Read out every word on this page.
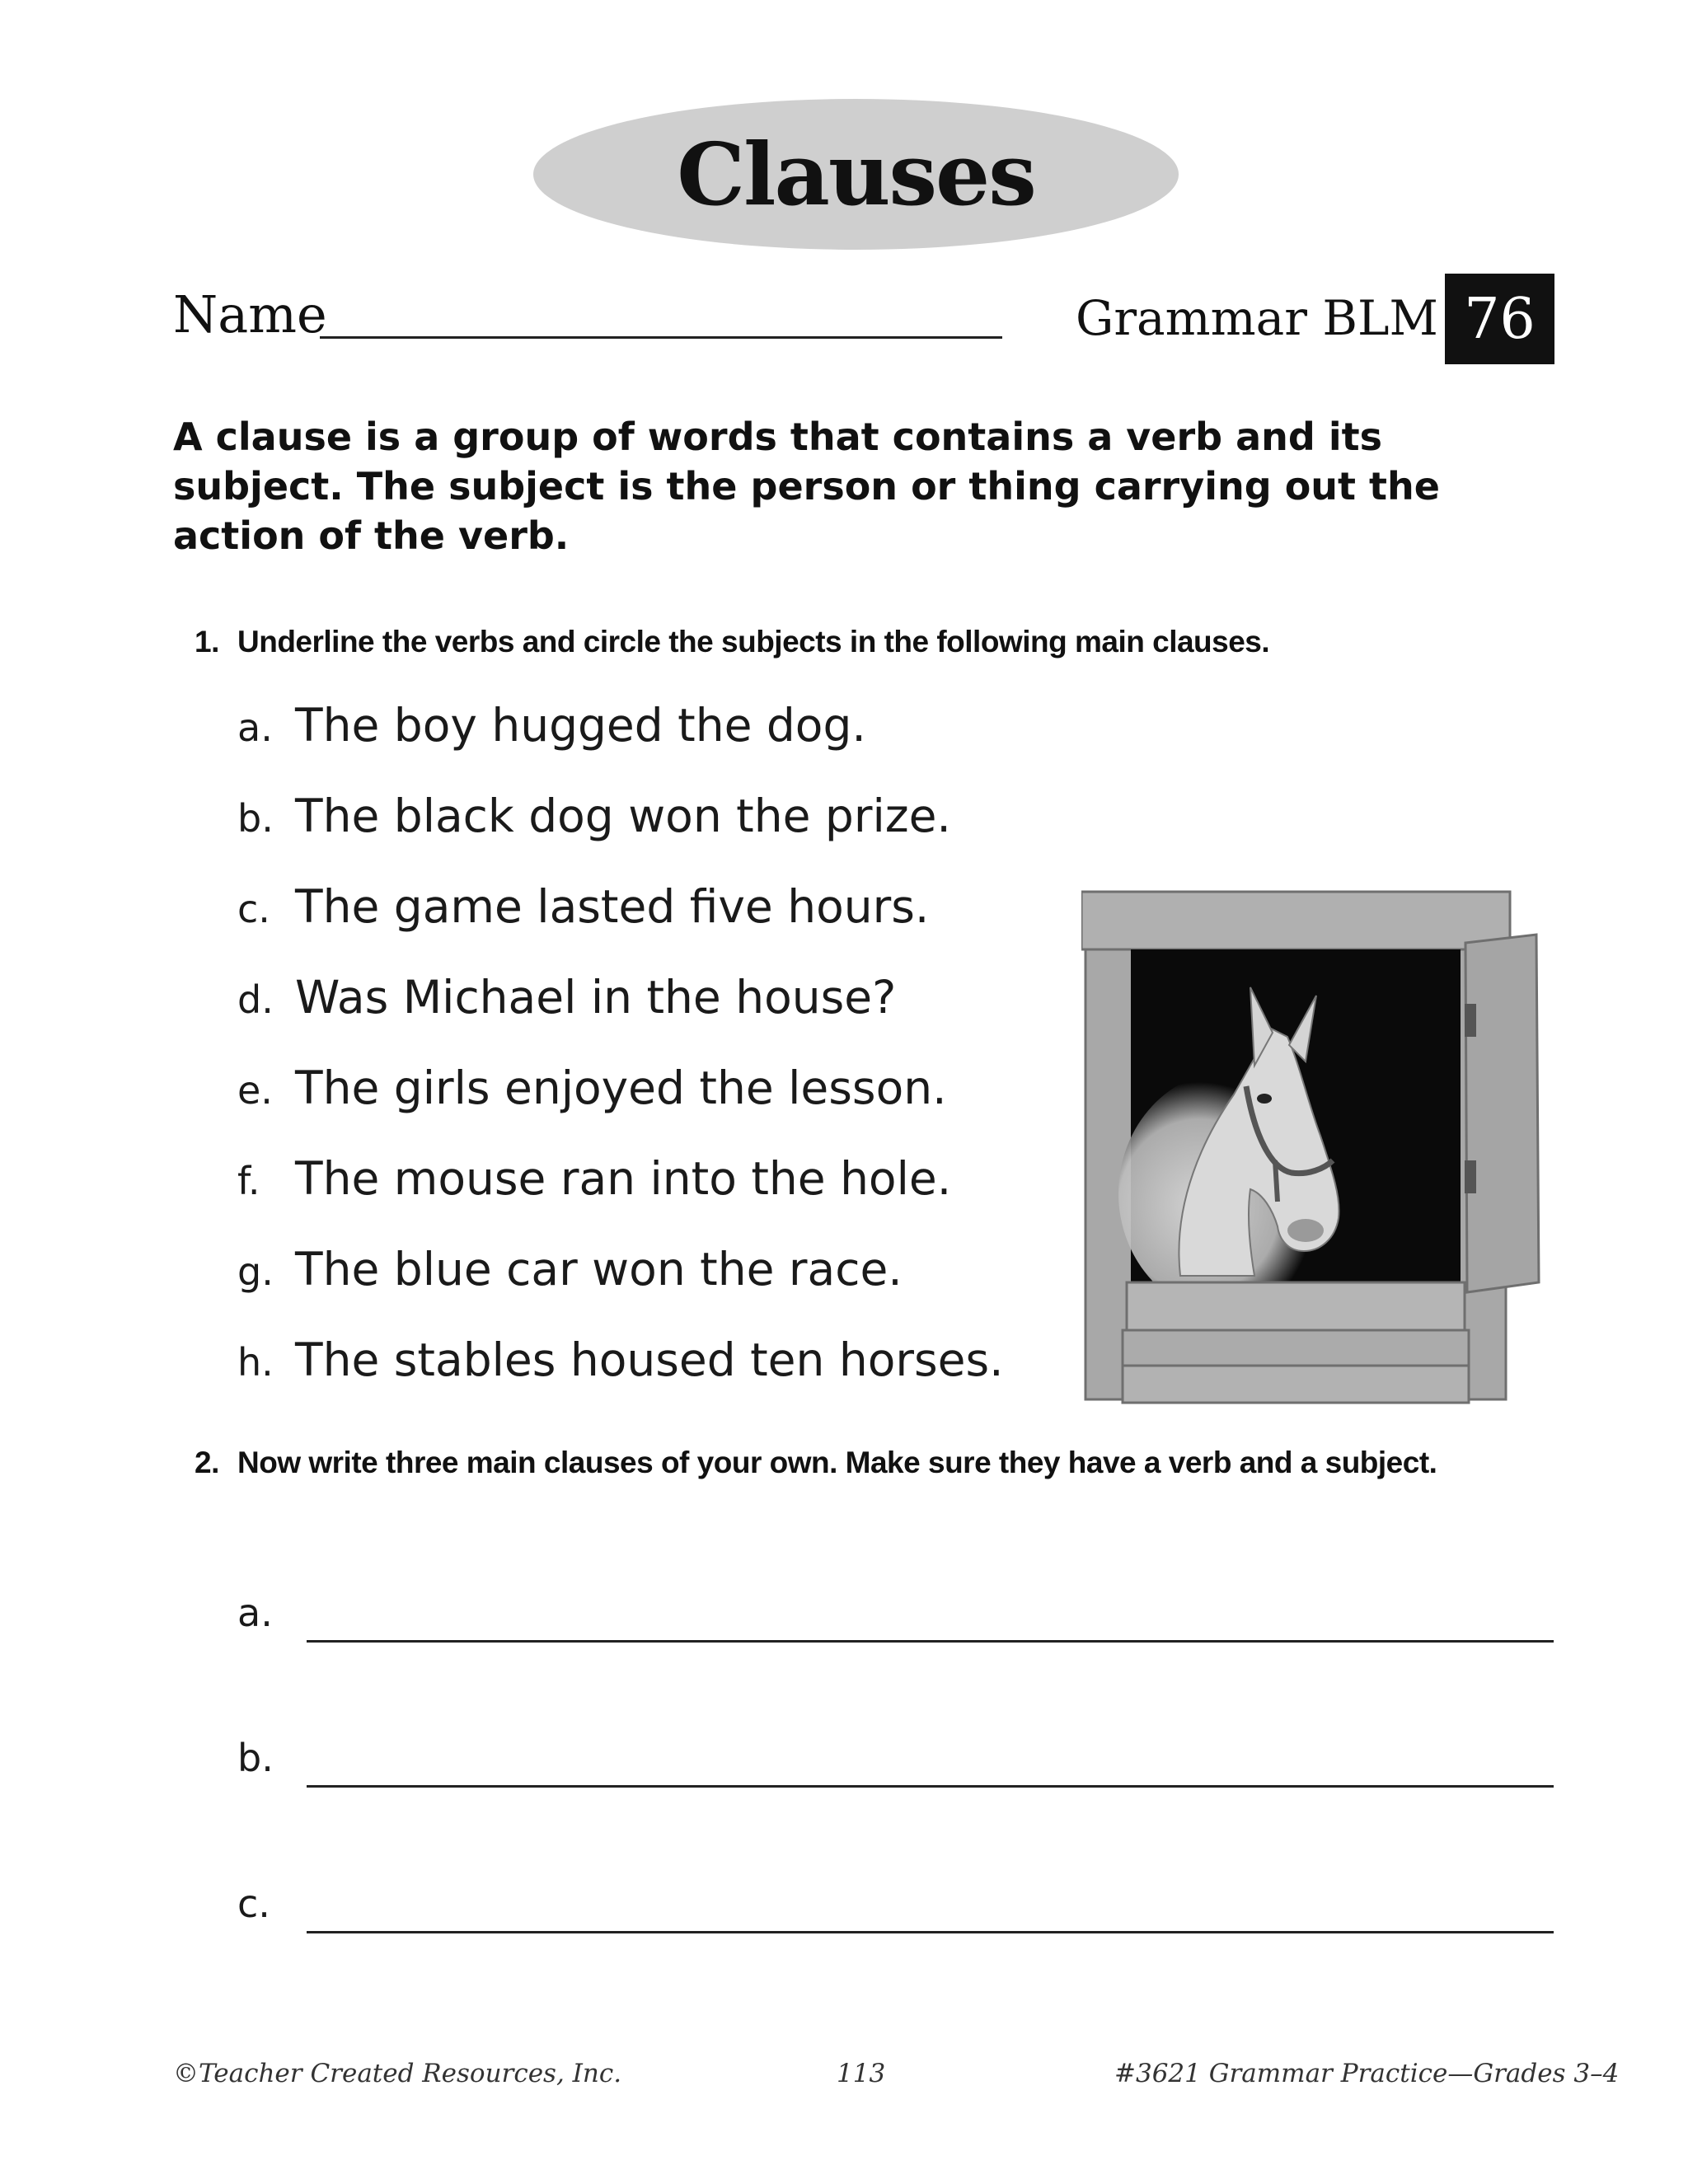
Clauses
Name	Grammar BLM 76
A clause is a group of words that contains a verb and its subject. The subject is the person or thing carrying out the action of the verb.
1. Underline the verbs and circle the subjects in the following main clauses.
a. The boy hugged the dog.
b. The black dog won the prize.
c. The game lasted five hours.
d. Was Michael in the house?
e. The girls enjoyed the lesson.
f. The mouse ran into the hole.
g. The blue car won the race.
h. The stables housed ten horses.
2. Now write three main clauses of your own. Make sure they have a verb and a subject.
a.
b.
c.
©Teacher Created Resources, Inc.	113	#3621 Grammar Practice—Grades 3–4
